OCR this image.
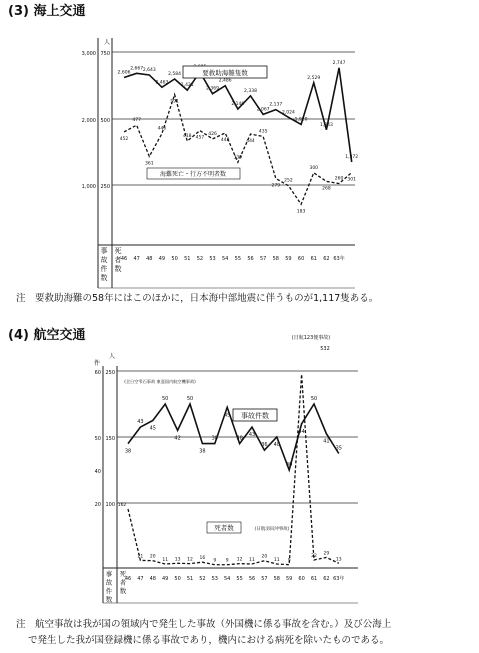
(3) 海上交通
(4) 航空交通
注　要救助海難の58年にはこのほかに，日本海中部地震に伴うものが1,117隻ある。
注　航空事故は我が国の領域内で発生した事故（外国機に係る事故を含む。）及び公海上
で発生した我が国登録機に係る事故であり，機内における病死を除いたものである。
3,000 750
2,000 500
1,000 250
人
46 47 48 49 50 51 52 53 54 55 56 57 58 59 60 61 62 63年
事
故
件
数
死
者
数
2,606
2,667 2,643
2,463
2,584
2,421
2,369
2,486
2,146
2,338
2,067
2,137
2,024
1,920
2,529
1,843
2,747
1,372
要救助海難隻数
452
477
361
446
591
418 457
426
448
339
444
435
279
252
183
300
268
260 301
海難死亡・行方不明者数
250
150
100
60
50
40
20
件
人
46 47 48 49 50 51 52 53 54 55 56 57 58 59 60 61 62 63年
事
故
件
数
死
者
数
38
43
45
50
42
50
38
38
49
38
43
36 40
30
44
50
41
35
事故件数
162
21 20
11 13 12 16
9 9 12 11
20
11 9
22
29
13
死者数
(日航123便事故)
532
(全日空雫石事故 東亜国内航空機事故)
(日航羽田沖事故)
